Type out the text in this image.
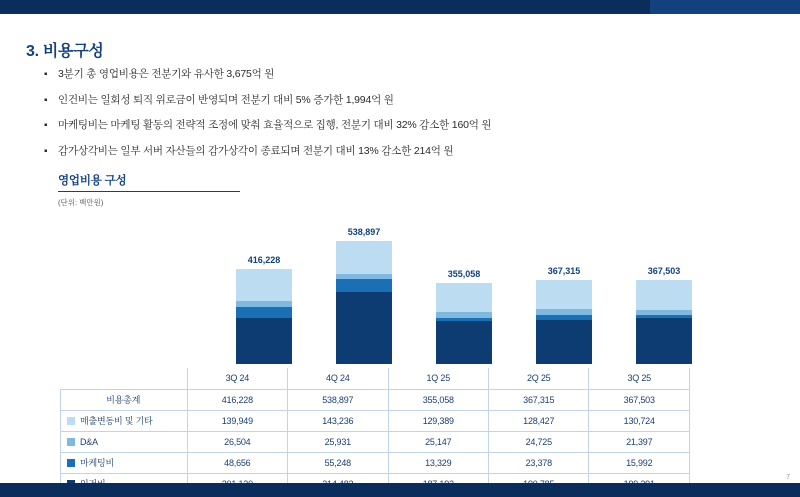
3. 비용구성
▪	3분기 총 영업비용은 전분기와 유사한 3,675억 원
▪	인건비는 일회성 퇴직 위로금이 반영되며 전분기 대비 5% 증가한 1,994억 원
▪	마케팅비는 마케팅 활동의 전략적 조정에 맞춰 효율적으로 집행, 전분기 대비 32% 감소한 160억 원
▪	감가상각비는 일부 서버 자산들의 감가상각이 종료되며 전분기 대비 13% 감소한 214억 원
영업비용 구성
(단위: 백만원)
416,228
538,897
355,058	367,315	367,503
	3Q 24	4Q 24	1Q 25	2Q 25	3Q 25
비용총계	416,228	538,897	355,058	367,315	367,503

매출변동비 및 기타	139,949	143,236	129,389	128,427	130,724

D&A	26,504	25,931	25,147	24,725	21,397

마케팅비	48,656	55,248	13,329	23,378	15,992

7
